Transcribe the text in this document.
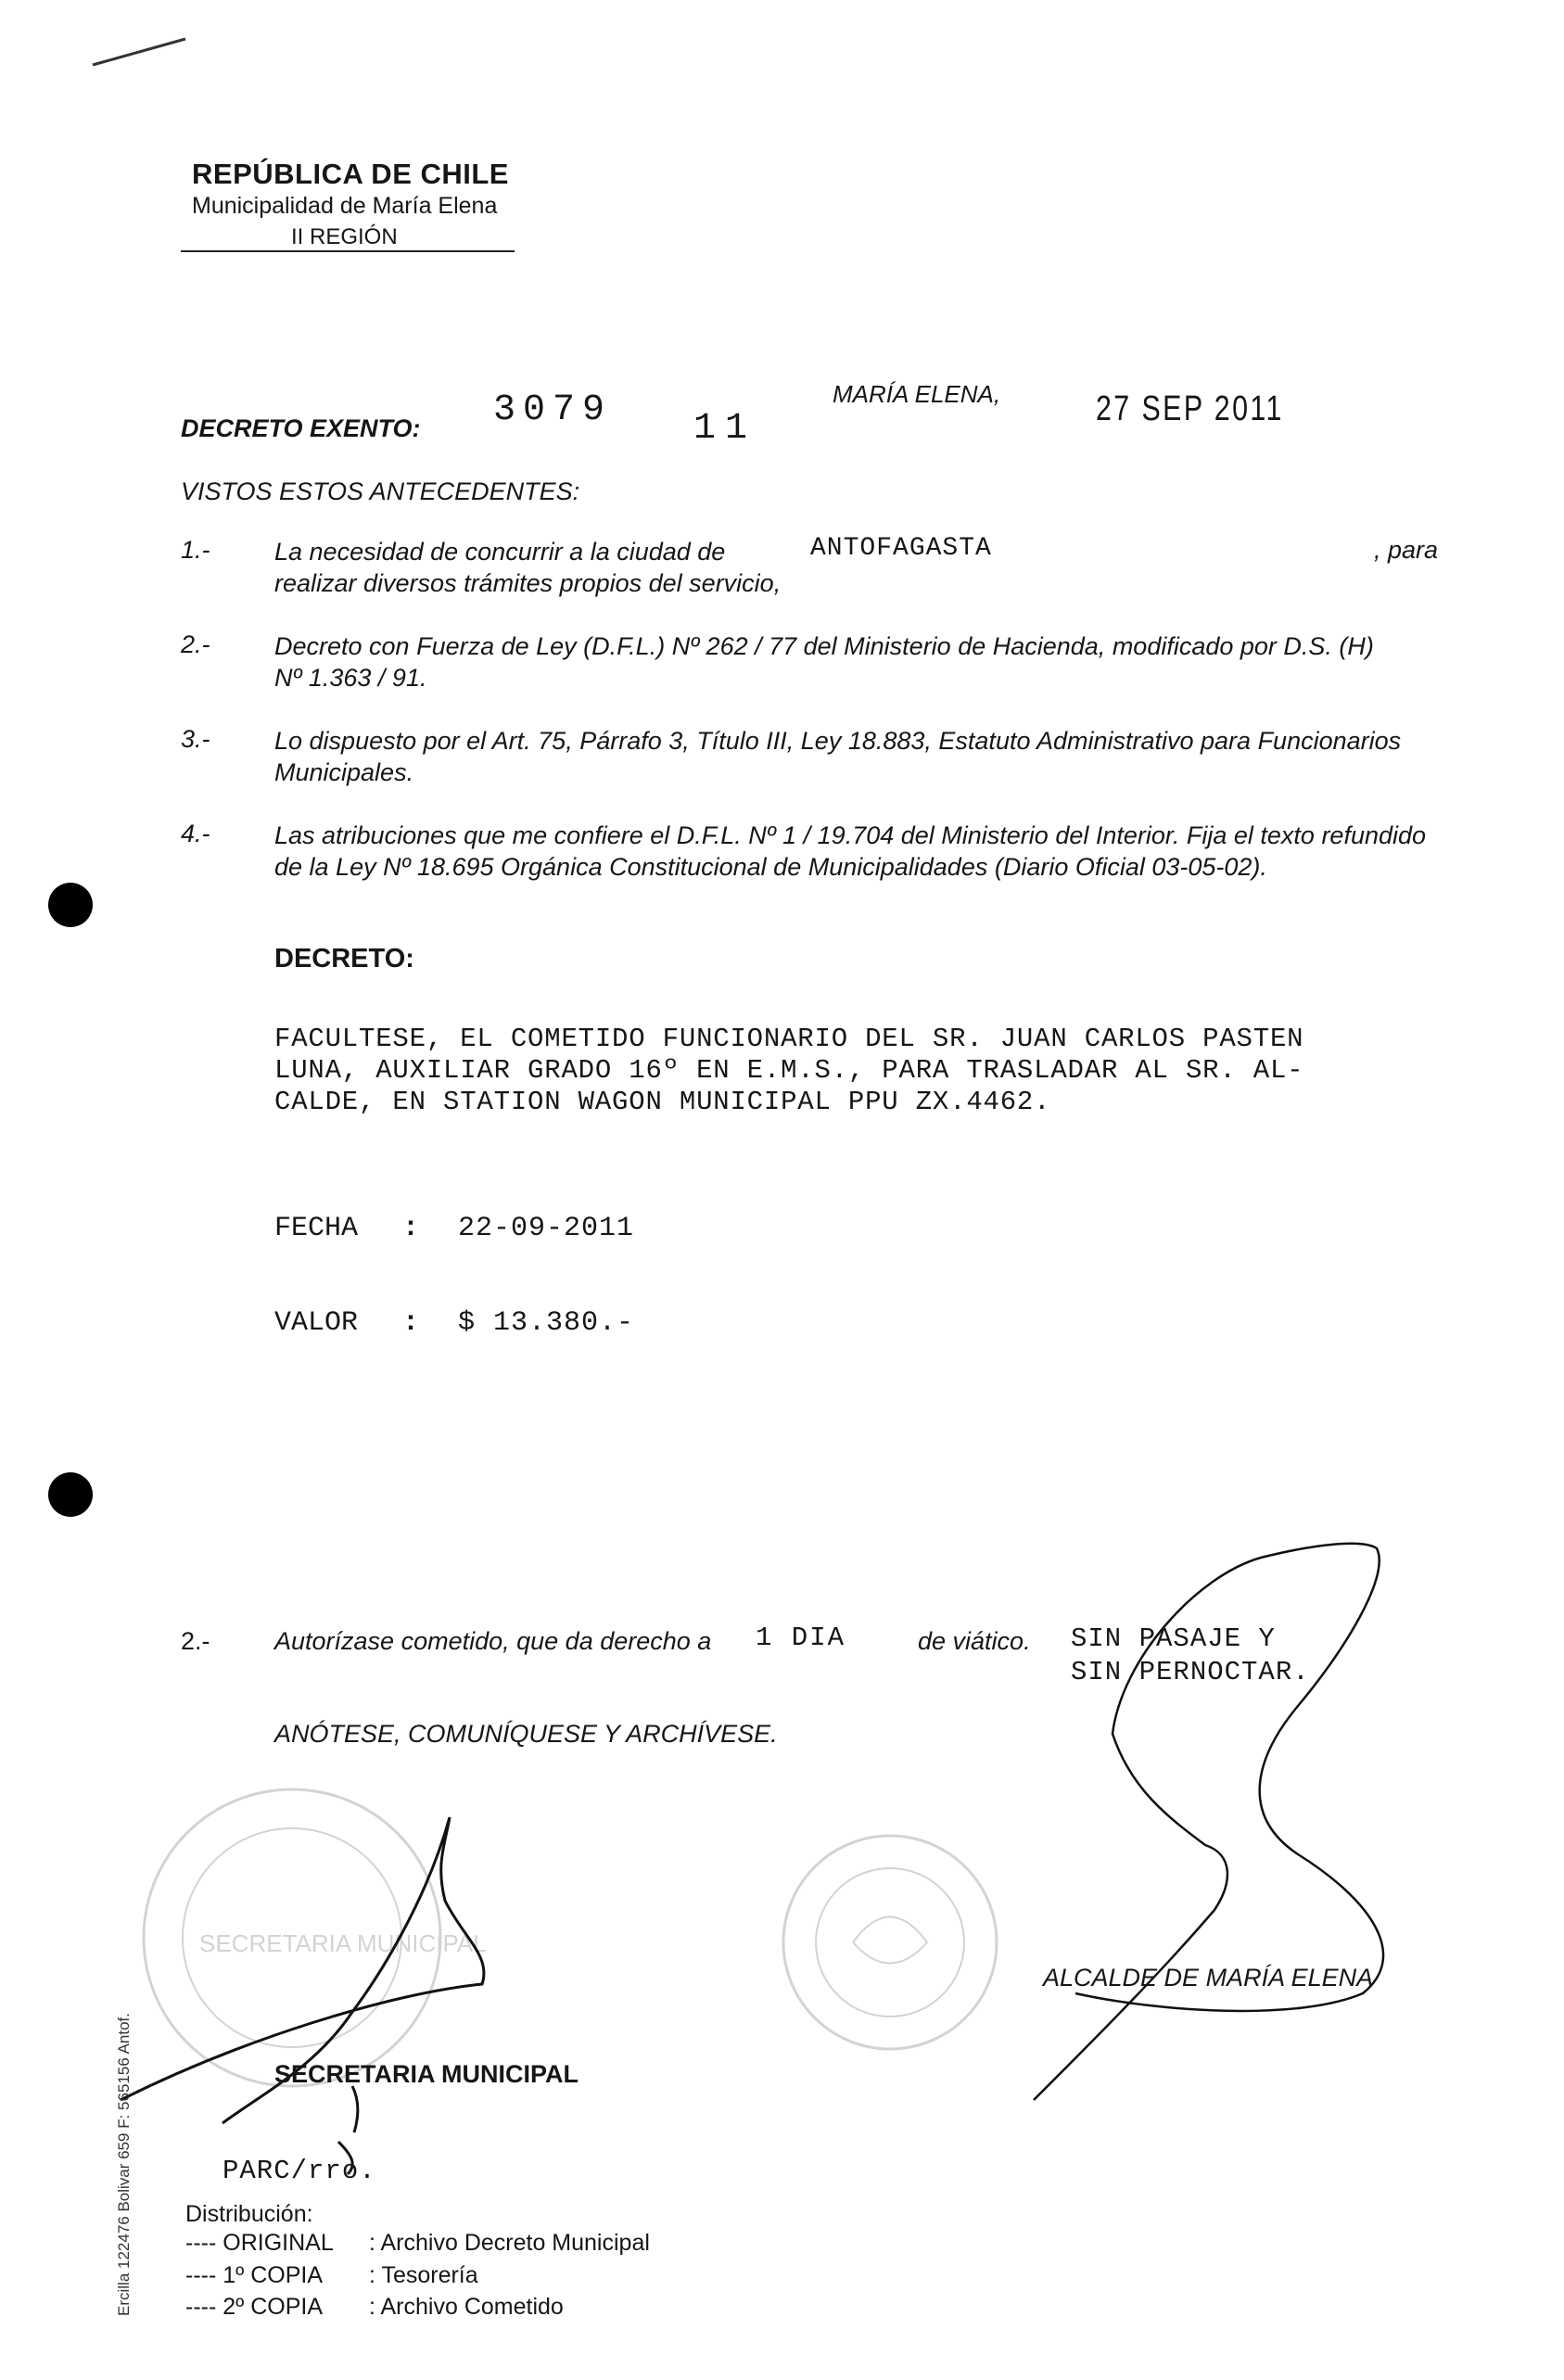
SECRETARIA MUNICIPAL
REPÚBLICA DE CHILE
Municipalidad de María Elena
II REGIÓN
DECRETO EXENTO: 3079 11
MARÍA ELENA,	27 SEP 2011
VISTOS ESTOS ANTECEDENTES:
1.-	La necesidad de concurrir a la ciudad de
realizar diversos trámites propios del servicio,
ANTOFAGASTA	, para
2.-	Decreto con Fuerza de Ley (D.F.L.) Nº 262 / 77 del Ministerio de Hacienda, modificado por D.S. (H)
Nº 1.363 / 91.
3.-	Lo dispuesto por el Art. 75, Párrafo 3, Título III, Ley 18.883, Estatuto Administrativo para Funcionarios
Municipales.
4.-	Las atribuciones que me confiere el D.F.L. Nº 1 / 19.704 del Ministerio del Interior. Fija el texto refundido
de la Ley Nº 18.695 Orgánica Constitucional de Municipalidades (Diario Oficial 03-05-02).
DECRETO:
FACULTESE, EL COMETIDO FUNCIONARIO DEL SR. JUAN CARLOS PASTEN
LUNA, AUXILIAR GRADO 16º EN E.M.S., PARA TRASLADAR AL SR. AL-
CALDE, EN STATION WAGON MUNICIPAL PPU ZX.4462.
FECHA : 22-09-2011
VALOR : $ 13.380.-
2.-	Autorízase cometido, que da derecho a 1 DIA	de viático. SIN PASAJE Y
SIN PERNOCTAR.
ANÓTESE, COMUNÍQUESE Y ARCHÍVESE.
ALCALDE DE MARÍA ELENA
SECRETARIA MUNICIPAL
PARC/rro.
Distribución:
---- ORIGINAL : Archivo Decreto Municipal
---- 1º COPIA : Tesorería
---- 2º COPIA : Archivo Cometido
Ercilla 122476 Bolivar 659 F: 565156 Antof.
